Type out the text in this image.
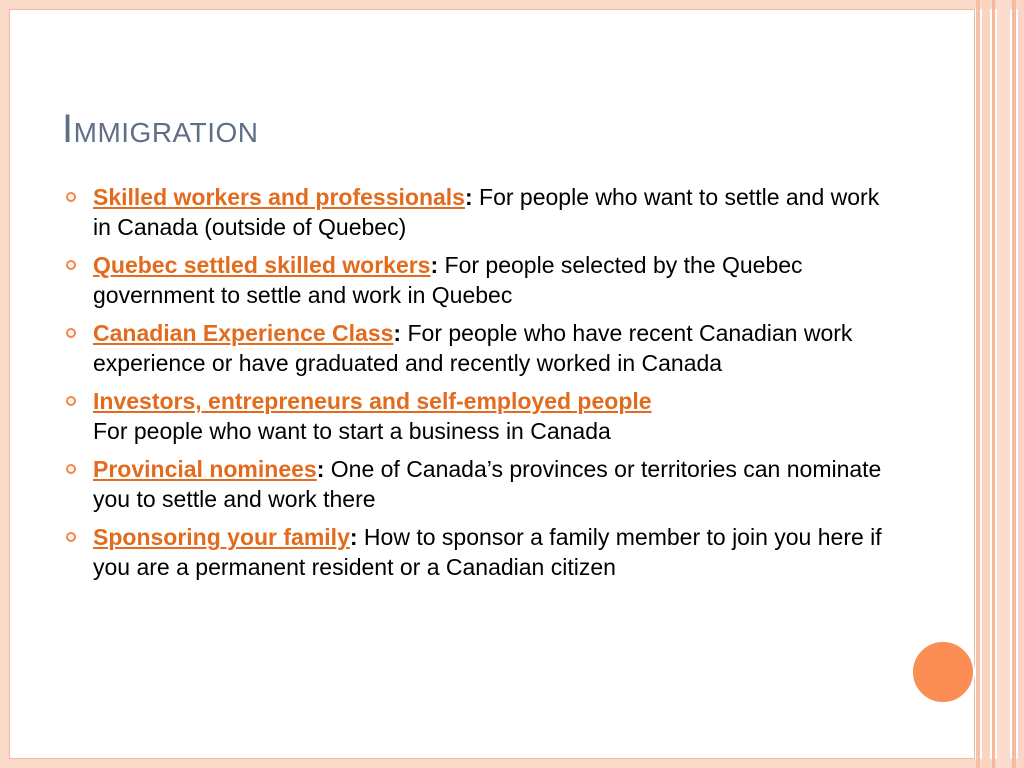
Immigration
Skilled workers and professionals: For people who want to settle and work in Canada (outside of Quebec)
Quebec settled skilled workers: For people selected by the Quebec government to settle and work in Quebec
Canadian Experience Class: For people who have recent Canadian work experience or have graduated and recently worked in Canada
Investors, entrepreneurs and self-employed people
For people who want to start a business in Canada
Provincial nominees: One of Canada’s provinces or territories can nominate you to settle and work there
Sponsoring your family: How to sponsor a family member to join you here if you are a permanent resident or a Canadian citizen
